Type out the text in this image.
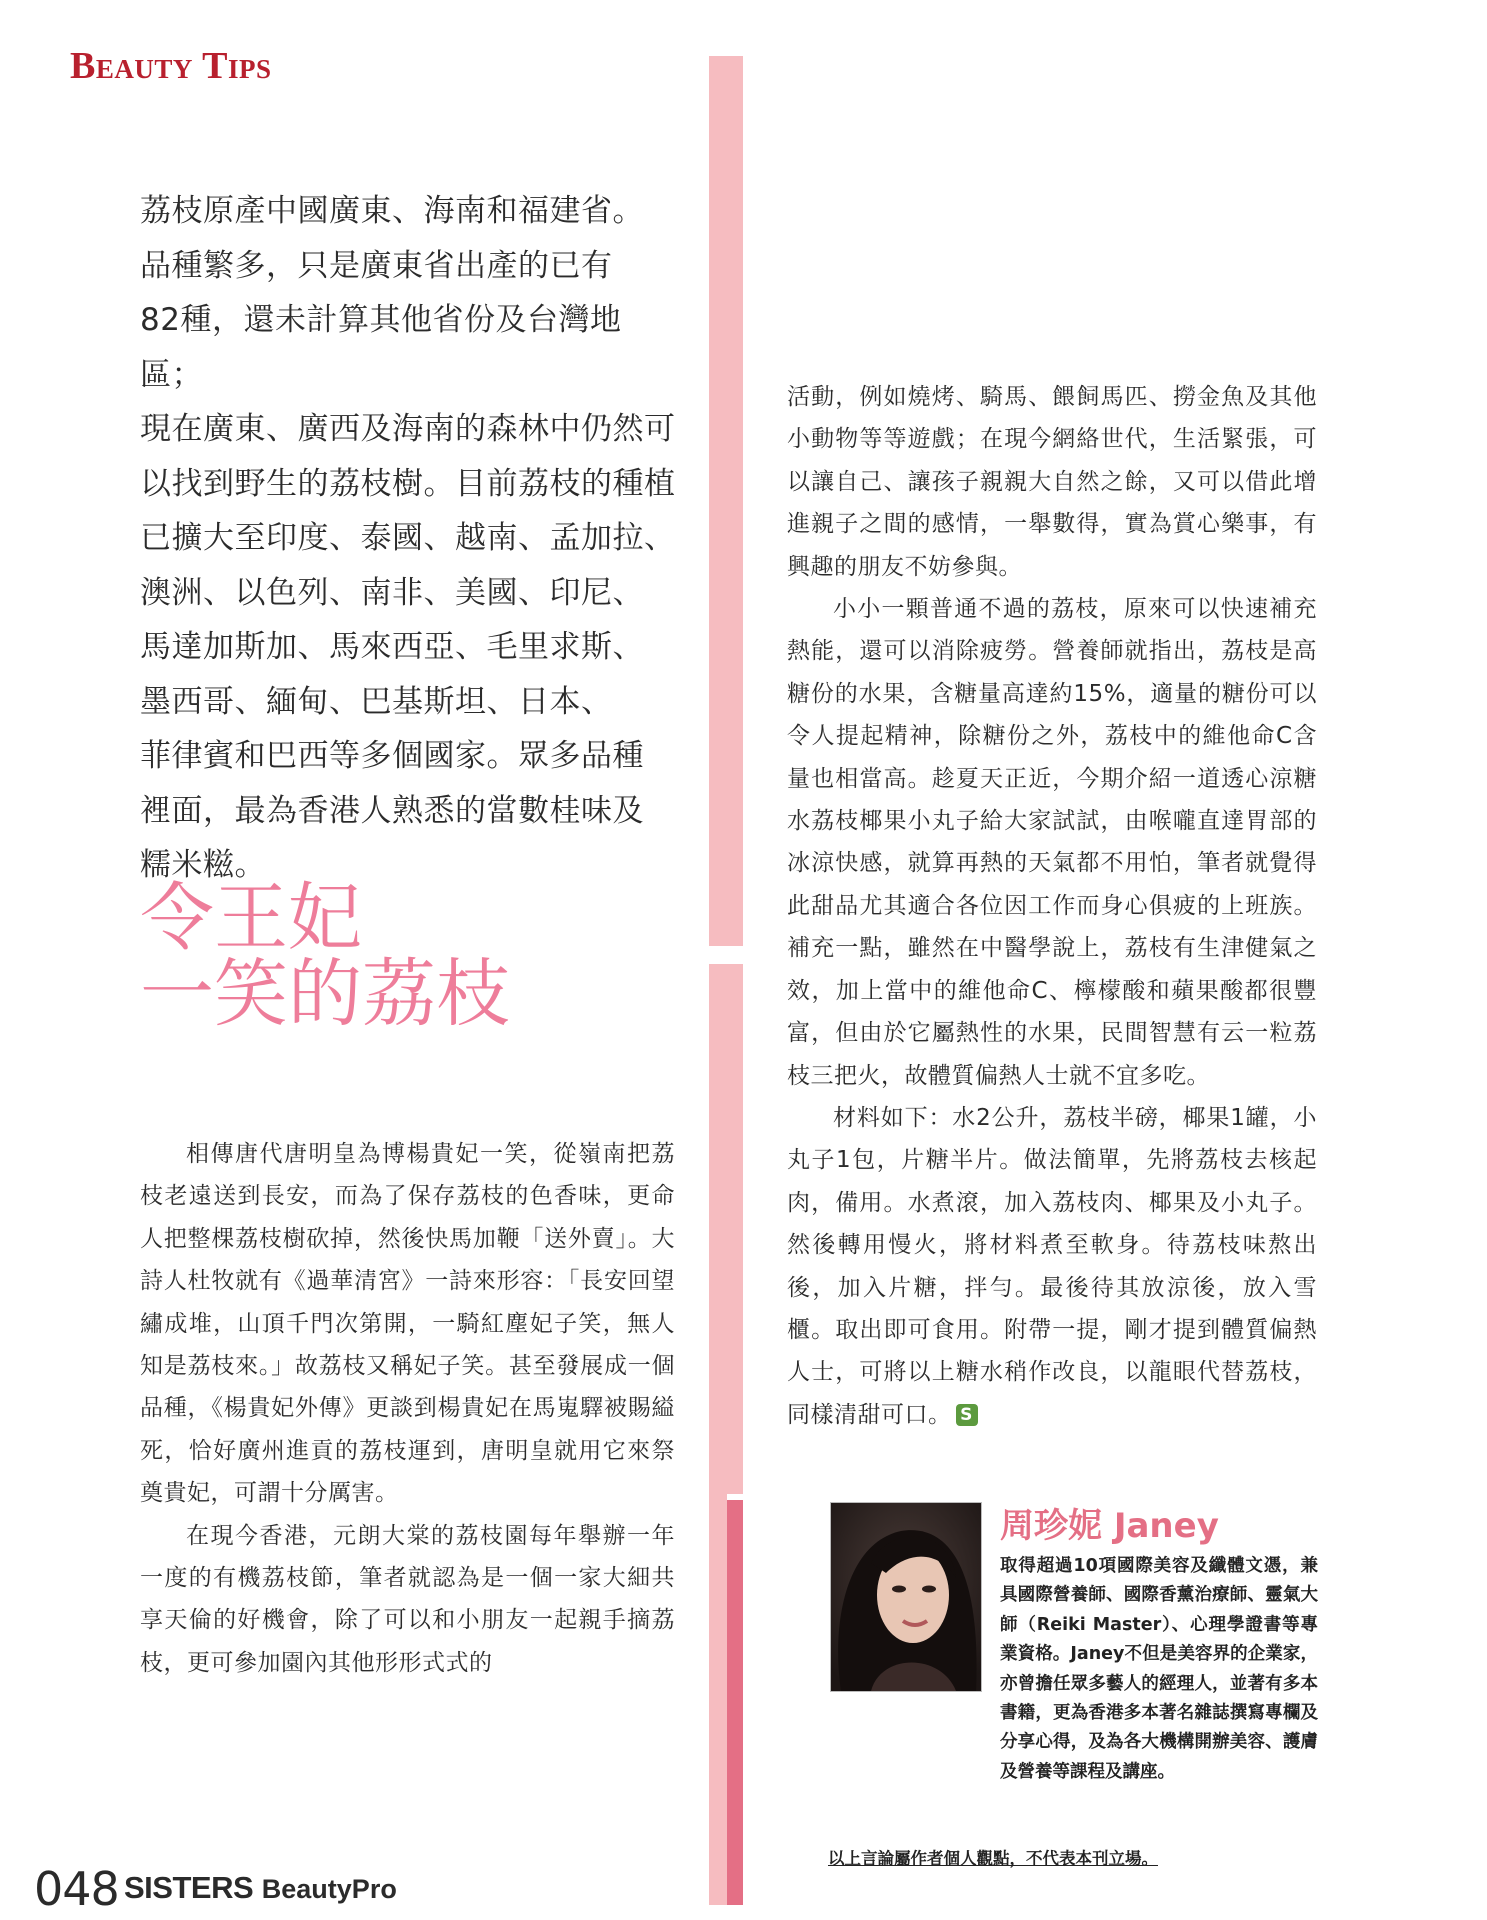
Beauty Tips
荔枝原產中國廣東、海南和福建省。
品種繁多，只是廣東省出產的已有
82種，還未計算其他省份及台灣地區；
現在廣東、廣西及海南的森林中仍然可
以找到野生的荔枝樹。目前荔枝的種植
已擴大至印度、泰國、越南、孟加拉、
澳洲、以色列、南非、美國、印尼、
馬達加斯加、馬來西亞、毛里求斯、
墨西哥、緬甸、巴基斯坦、日本、
菲律賓和巴西等多個國家。眾多品種
裡面，最為香港人熟悉的當數桂味及
糯米糍。
令王妃
一笑的荔枝

相傳唐代唐明皇為博楊貴妃一笑，從嶺南把荔枝老遠送到長安，而為了保存荔枝的色香味，更命人把整棵荔枝樹砍掉，然後快馬加鞭「送外賣」。大詩人杜牧就有《過華清宮》一詩來形容：「長安回望繡成堆，山頂千門次第開，一騎紅塵妃子笑，無人知是荔枝來。」故荔枝又稱妃子笑。甚至發展成一個品種，《楊貴妃外傳》更談到楊貴妃在馬嵬驛被賜縊死，恰好廣州進貢的荔枝運到，唐明皇就用它來祭奠貴妃，可謂十分厲害。

在現今香港，元朗大棠的荔枝園每年舉辦一年一度的有機荔枝節，筆者就認為是一個一家大細共享天倫的好機會，除了可以和小朋友一起親手摘荔枝，更可參加園內其他形形式式的

活動，例如燒烤、騎馬、餵飼馬匹、撈金魚及其他小動物等等遊戲；在現今網絡世代，生活緊張，可以讓自己、讓孩子親親大自然之餘，又可以借此增進親子之間的感情，一舉數得，實為賞心樂事，有興趣的朋友不妨參與。

小小一顆普通不過的荔枝，原來可以快速補充熱能，還可以消除疲勞。營養師就指出，荔枝是高糖份的水果，含糖量高達約15%，適量的糖份可以令人提起精神，除糖份之外，荔枝中的維他命C含量也相當高。趁夏天正近，今期介紹一道透心涼糖水荔枝椰果小丸子給大家試試，由喉嚨直達胃部的冰涼快感，就算再熱的天氣都不用怕，筆者就覺得此甜品尤其適合各位因工作而身心俱疲的上班族。補充一點，雖然在中醫學說上，荔枝有生津健氣之效，加上當中的維他命C、檸檬酸和蘋果酸都很豐富，但由於它屬熱性的水果，民間智慧有云一粒荔枝三把火，故體質偏熱人士就不宜多吃。

材料如下：水2公升，荔枝半磅，椰果1罐，小丸子1包，片糖半片。做法簡單，先將荔枝去核起肉，備用。水煮滾，加入荔枝肉、椰果及小丸子。然後轉用慢火，將材料煮至軟身。待荔枝味熬出後，加入片糖，拌勻。最後待其放涼後，放入雪櫃。取出即可食用。附帶一提，剛才提到體質偏熱人士，可將以上糖水稍作改良，以龍眼代替荔枝，同樣清甜可口。 S

周珍妮 Janey

取得超過10項國際美容及纖體文憑，兼具國際營養師、國際香薰治療師、靈氣大師（Reiki Master）、心理學證書等專業資格。Janey不但是美容界的企業家，亦曾擔任眾多藝人的經理人，並著有多本書籍，更為香港多本著名雜誌撰寫專欄及分享心得，及為各大機構開辦美容、護膚及營養等課程及講座。

以上言論屬作者個人觀點，不代表本刊立場。
048 SISTERS BeautyPro
